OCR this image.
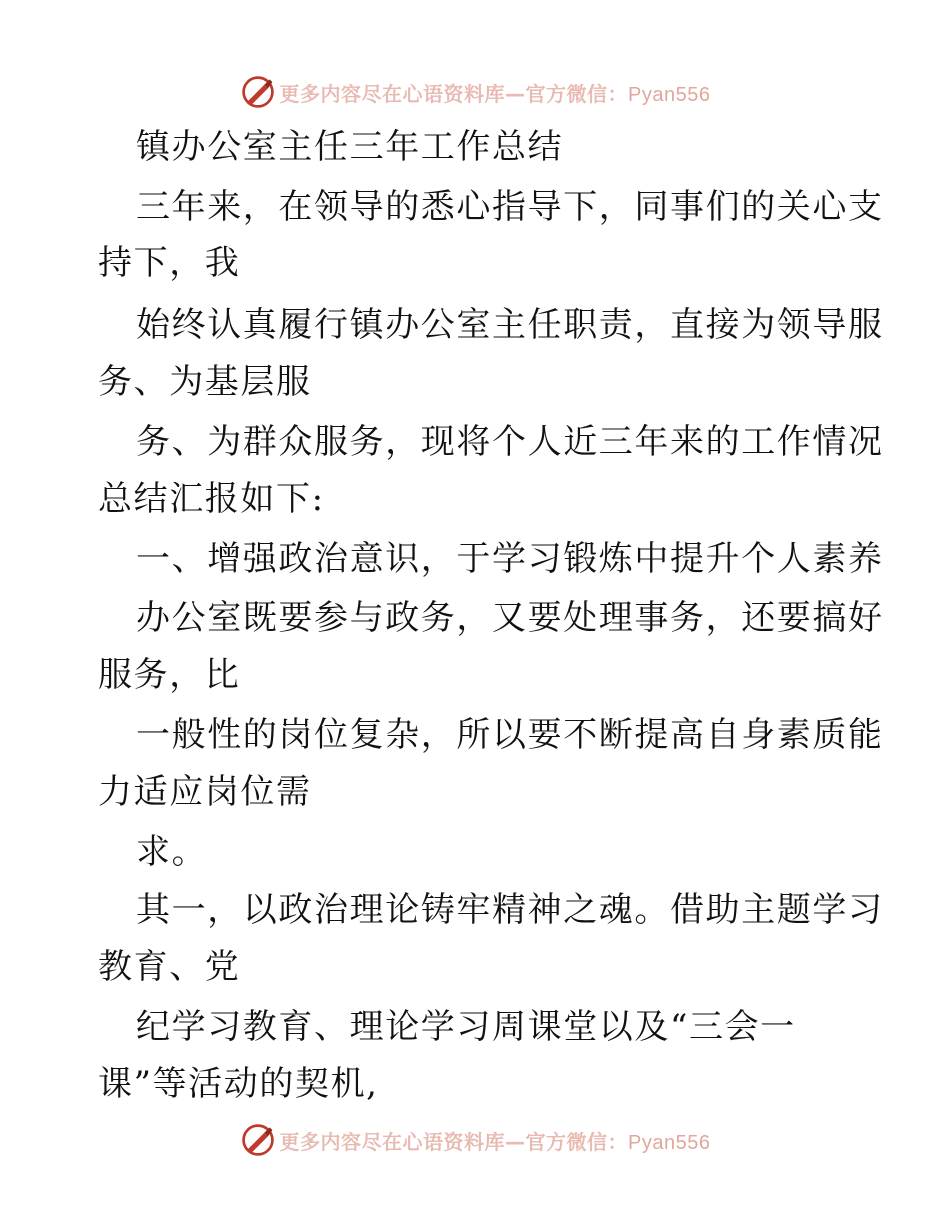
更多内容尽在心语资料库—官方微信：Pyan556
镇办公室主任三年工作总结
三年来，在领导的悉心指导下，同事们的关心支
持下，我
始终认真履行镇办公室主任职责，直接为领导服
务、为基层服
务、为群众服务，现将个人近三年来的工作情况
总结汇报如下:
一、增强政治意识，于学习锻炼中提升个人素养
办公室既要参与政务，又要处理事务，还要搞好
服务，比
一般性的岗位复杂，所以要不断提高自身素质能
力适应岗位需
求。
其一，以政治理论铸牢精神之魂。借助主题学习
教育、党
纪学习教育、理论学习周课堂以及“三会一
课”等活动的契机,
更多内容尽在心语资料库—官方微信：Pyan556
